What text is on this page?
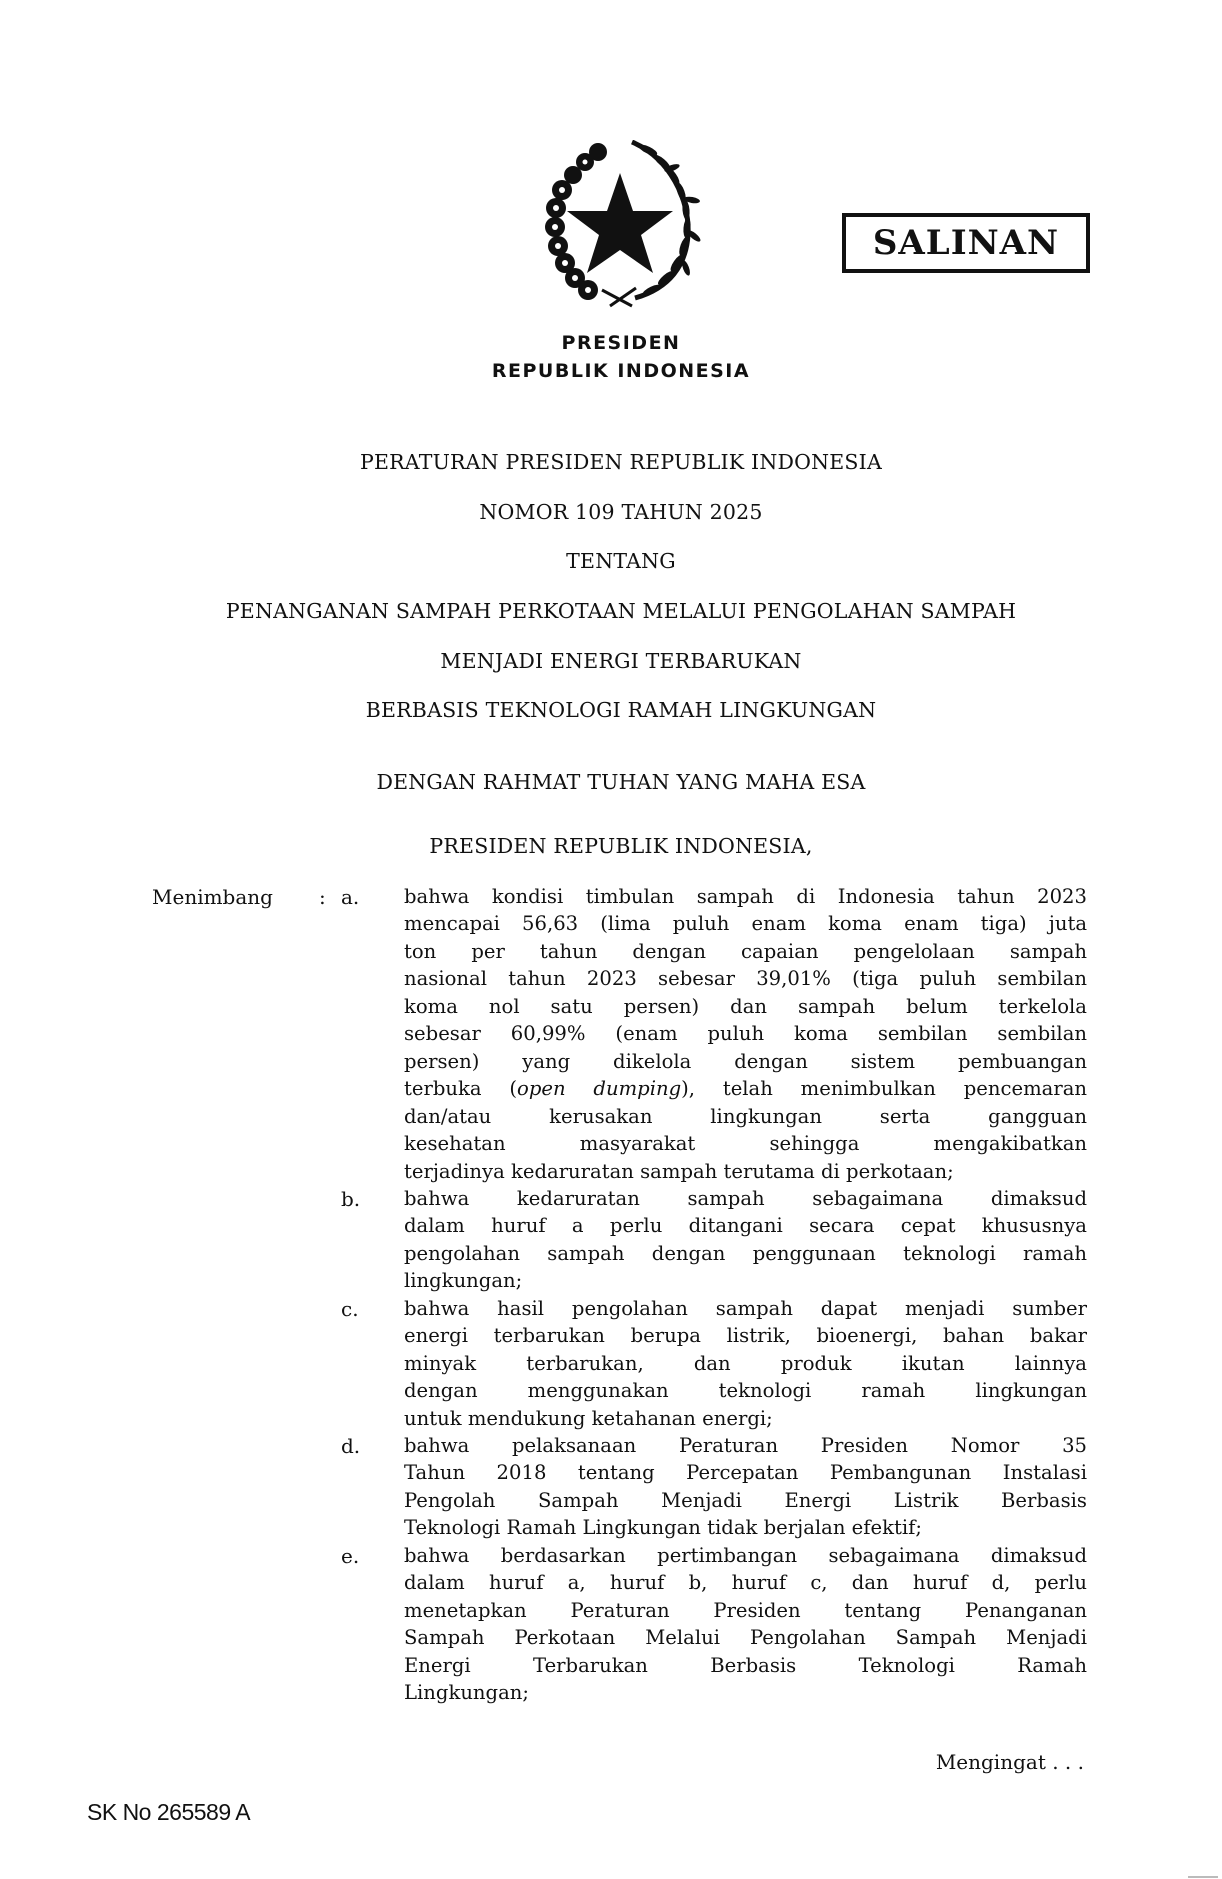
SALINAN
PRESIDEN
REPUBLIK INDONESIA
PERATURAN PRESIDEN REPUBLIK INDONESIA
NOMOR 109 TAHUN 2025
TENTANG
PENANGANAN SAMPAH PERKOTAAN MELALUI PENGOLAHAN SAMPAH
MENJADI ENERGI TERBARUKAN
BERBASIS TEKNOLOGI RAMAH LINGKUNGAN
DENGAN RAHMAT TUHAN YANG MAHA ESA
PRESIDEN REPUBLIK INDONESIA,
Menimbang : a. bahwa kondisi timbulan sampah di Indonesia tahun 2023
mencapai 56,63 (lima puluh enam koma enam tiga) juta
ton per tahun dengan capaian pengelolaan sampah
nasional tahun 2023 sebesar 39,01% (tiga puluh sembilan
koma nol satu persen) dan sampah belum terkelola
sebesar 60,99% (enam puluh koma sembilan sembilan
persen) yang dikelola dengan sistem pembuangan
terbuka (open dumping), telah menimbulkan pencemaran
dan/atau kerusakan lingkungan serta gangguan
kesehatan masyarakat sehingga mengakibatkan
terjadinya kedaruratan sampah terutama di perkotaan;
b. bahwa kedaruratan sampah sebagaimana dimaksud
dalam huruf a perlu ditangani secara cepat khususnya
pengolahan sampah dengan penggunaan teknologi ramah
lingkungan;
c. bahwa hasil pengolahan sampah dapat menjadi sumber
energi terbarukan berupa listrik, bioenergi, bahan bakar
minyak terbarukan, dan produk ikutan lainnya
dengan menggunakan teknologi ramah lingkungan
untuk mendukung ketahanan energi;
d. bahwa pelaksanaan Peraturan Presiden Nomor 35
Tahun 2018 tentang Percepatan Pembangunan Instalasi
Pengolah Sampah Menjadi Energi Listrik Berbasis
Teknologi Ramah Lingkungan tidak berjalan efektif;
e. bahwa berdasarkan pertimbangan sebagaimana dimaksud
dalam huruf a, huruf b, huruf c, dan huruf d, perlu
menetapkan Peraturan Presiden tentang Penanganan
Sampah Perkotaan Melalui Pengolahan Sampah Menjadi
Energi Terbarukan Berbasis Teknologi Ramah
Lingkungan;
Mengingat . . .
SK No 265589 A
